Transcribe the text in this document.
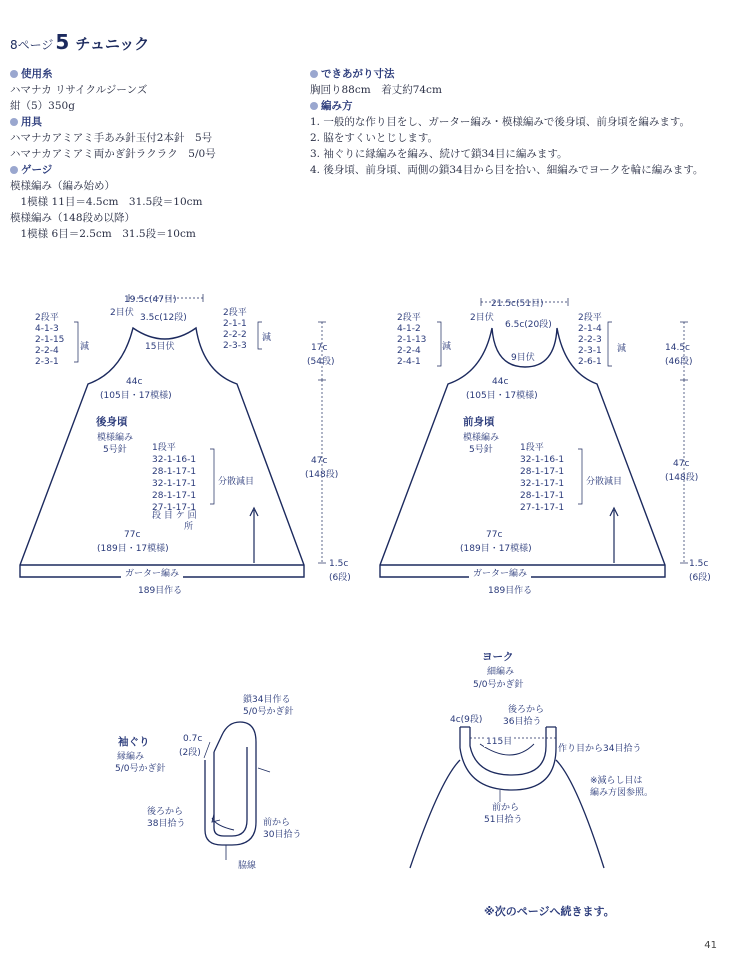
8ページ 5 チュニック
使用糸
ハマナカ リサイクルジーンズ
紺（5）350g
用具
ハマナカアミアミ手あみ針玉付2本針　5号
ハマナカアミアミ両かぎ針ラクラク　5/0号
ゲージ
模様編み（編み始め）
　1模様 11目＝4.5cm　31.5段＝10cm
模様編み（148段め以降）
　1模様 6目＝2.5cm　31.5段＝10cm
できあがり寸法
胸回り88cm　着丈約74cm
編み方
1. 一般的な作り目をし、ガーター編み・模様編みで後身頃、前身頃を編みます。
2. 脇をすくいとじします。
3. 袖ぐりに縁編みを編み、続けて鎖34目に編みます。
4. 後身頃、前身頃、両側の鎖34目から目を拾い、細編みでヨークを輪に編みます。
19.5c(47目)
2目伏 3.5c(12段)
15目伏
2段平
4-1-3
2-1-15
2-2-4
2-3-1
減
2段平
2-1-1
2-2-2
2-3-3
減
44c
(105目・17模様)
後身頃
模様編み
5号針	1段平
32-1-16-1
28-1-17-1
32-1-17-1
28-1-17-1
27-1-17-1
分散減目
段 目 ケ 回
所
77c
(189目・17模様)
17c
(54段)
47c
(148段)
1.5c
(6段)
ガーター編み
189目作る
21.5c(51目)
2目伏
6.5c(20段)
9目伏
2段平
4-1-2
2-1-13
2-2-4
2-4-1
減
2段平
2-1-4
2-2-3
2-3-1
2-6-1
減
44c
(105目・17模様)
前身頃
模様編み
5号針	1段平
32-1-16-1
28-1-17-1
32-1-17-1
28-1-17-1
27-1-17-1
分散減目
77c
(189目・17模様)
14.5c
(46段)
47c
(148段)
1.5c
(6段)
ガーター編み
189目作る
袖ぐり
縁編み
5/0号かぎ針
鎖34目作る
5/0号かぎ針
0.7c
(2段)
後ろから
38目拾う	前から
30目拾う
脇線
ヨーク
細編み
5/0号かぎ針
4c(9段)
後ろから
36目拾う
115目
作り目から34目拾う
※減らし目は
編み方図参照。
前から
51目拾う
※次のページへ続きます。
41
